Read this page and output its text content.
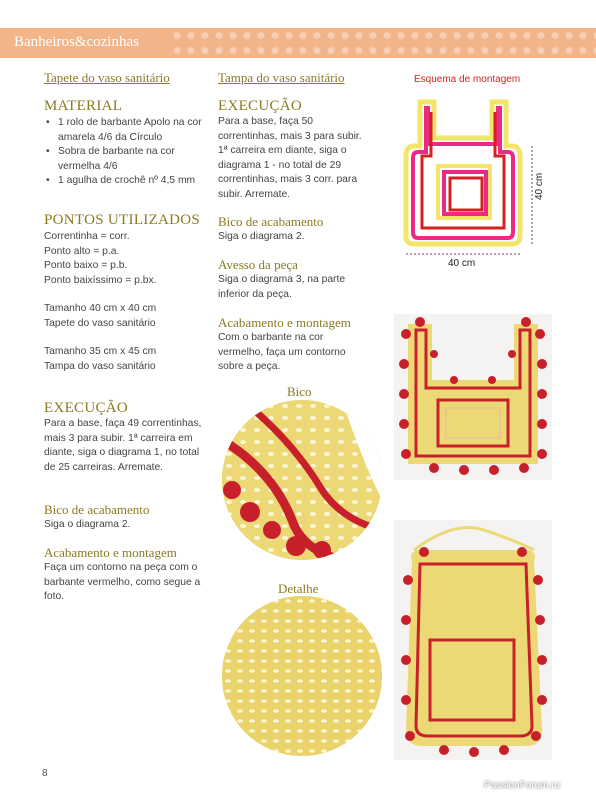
Banheiros&cozinhas
Tapete do vaso sanitário
MATERIAL
• 1 rolo de barbante Apolo na cor amarela 4/6 da Círculo
• Sobra de barbante na cor vermelha 4/6
• 1 agulha de crochê nº 4,5 mm
PONTOS UTILIZADOS
Correntinha = corr.
Ponto alto = p.a.
Ponto baixo = p.b.
Ponto baixíssimo = p.bx.
Tamanho 40 cm x 40 cm
Tapete do vaso sanitário
Tamanho 35 cm x 45 cm
Tampa do vaso sanitário
EXECUÇÃO
Para a base, faça 49 correntinhas, mais 3 para subir. 1ª carreira em diante, siga o diagrama 1, no total de 25 carreiras. Arremate.
Bico de acabamento
Siga o diagrama 2.
Acabamento e montagem
Faça um contorno na peça com o barbante vermelho, como segue a foto.
Tampa do vaso sanitário
EXECUÇÃO
Para a base, faça 50 correntinhas, mais 3 para subir. 1ª carreira em diante, siga o diagrama 1 - no total de 29 correntinhas, mais 3 corr. para subir. Arremate.
Bico de acabamento
Siga o diagrama 2.
Avesso da peça
Siga o diagrama 3, na parte inferior da peça.
Acabamento e montagem
Com o barbante na cor vermelho, faça um contorno sobre a peça.
Esquema de montagem
40 cm
40 cm
Bico
Detalhe
8
PassionForum.ru
